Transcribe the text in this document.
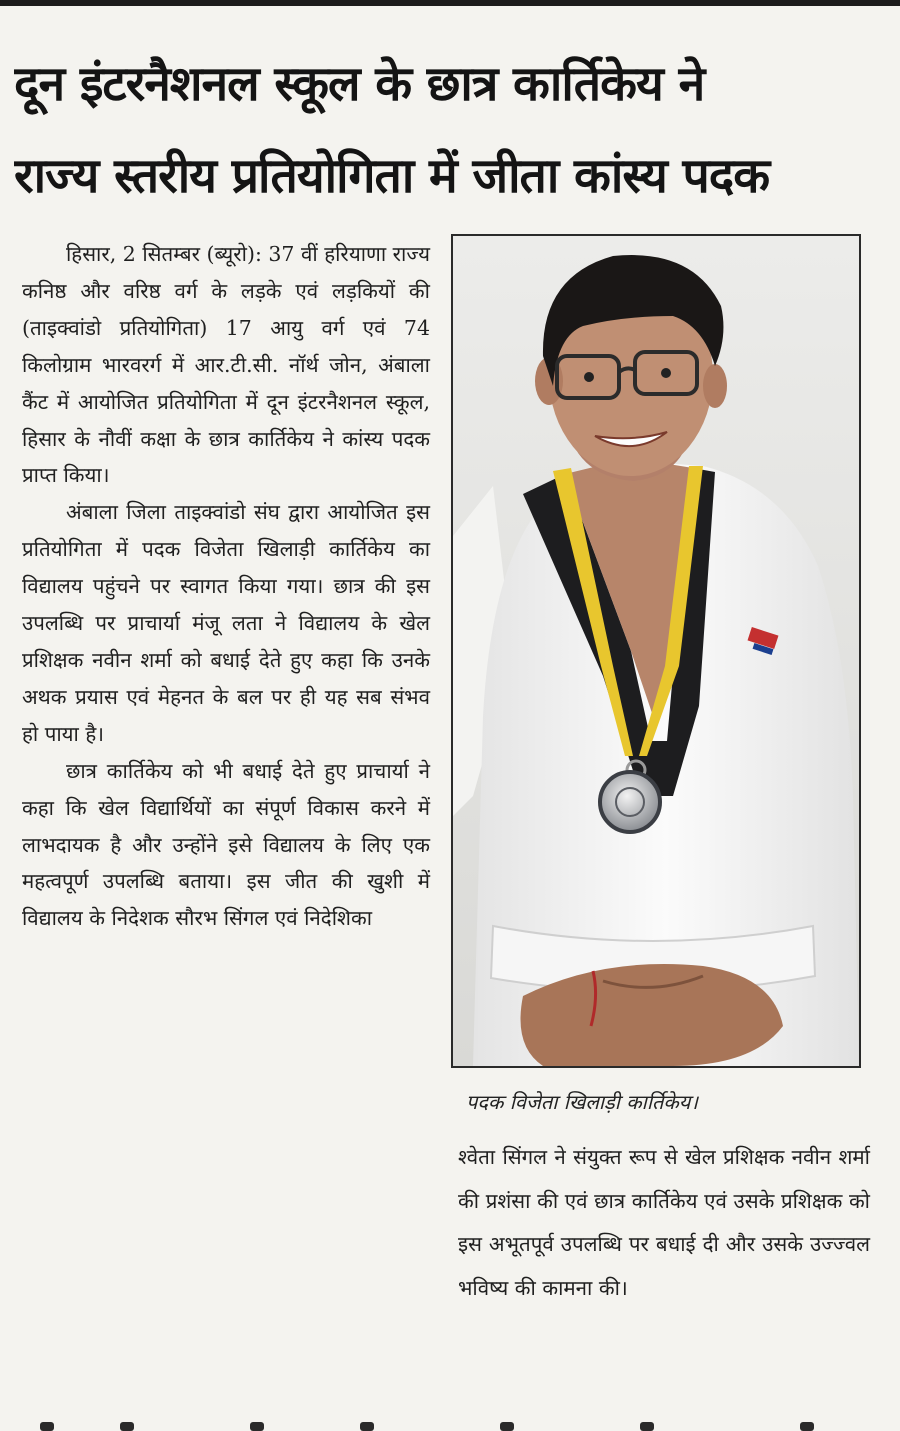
दून इंटरनैशनल स्कूल के छात्र कार्तिकेय ने
राज्य स्तरीय प्रतियोगिता में जीता कांस्य पदक

हिसार, 2 सितम्बर (ब्यूरो): 37 वीं हरियाणा राज्य कनिष्ठ और वरिष्ठ वर्ग के लड़के एवं लड़कियों की (ताइक्वांडो प्रतियोगिता) 17 आयु वर्ग एवं 74 किलोग्राम भारवरर्ग में आर.टी.सी. नॉर्थ जोन, अंबाला कैंट में आयोजित प्रतियोगिता में दून इंटरनैशनल स्कूल, हिसार के नौवीं कक्षा के छात्र कार्तिकेय ने कांस्य पदक प्राप्त किया।

अंबाला जिला ताइक्वांडो संघ द्वारा आयोजित इस प्रतियोगिता में पदक विजेता खिलाड़ी कार्तिकेय का विद्यालय पहुंचने पर स्वागत किया गया। छात्र की इस उपलब्धि पर प्राचार्या मंजू लता ने विद्यालय के खेल प्रशिक्षक नवीन शर्मा को बधाई देते हुए कहा कि उनके अथक प्रयास एवं मेहनत के बल पर ही यह सब संभव हो पाया है।

छात्र कार्तिकेय को भी बधाई देते हुए प्राचार्या ने कहा कि खेल विद्यार्थियों का संपूर्ण विकास करने में लाभदायक है और उन्होंने इसे विद्यालय के लिए एक महत्वपूर्ण उपलब्धि बताया। इस जीत की खुशी में विद्यालय के निदेशक सौरभ सिंगल एवं निदेशिका

पदक विजेता खिलाड़ी कार्तिकेय।

श्वेता सिंगल ने संयुक्त रूप से खेल प्रशिक्षक नवीन शर्मा की प्रशंसा की एवं छात्र कार्तिकेय एवं उसके प्रशिक्षक को इस अभूतपूर्व उपलब्धि पर बधाई दी और उसके उज्ज्वल भविष्य की कामना की।
